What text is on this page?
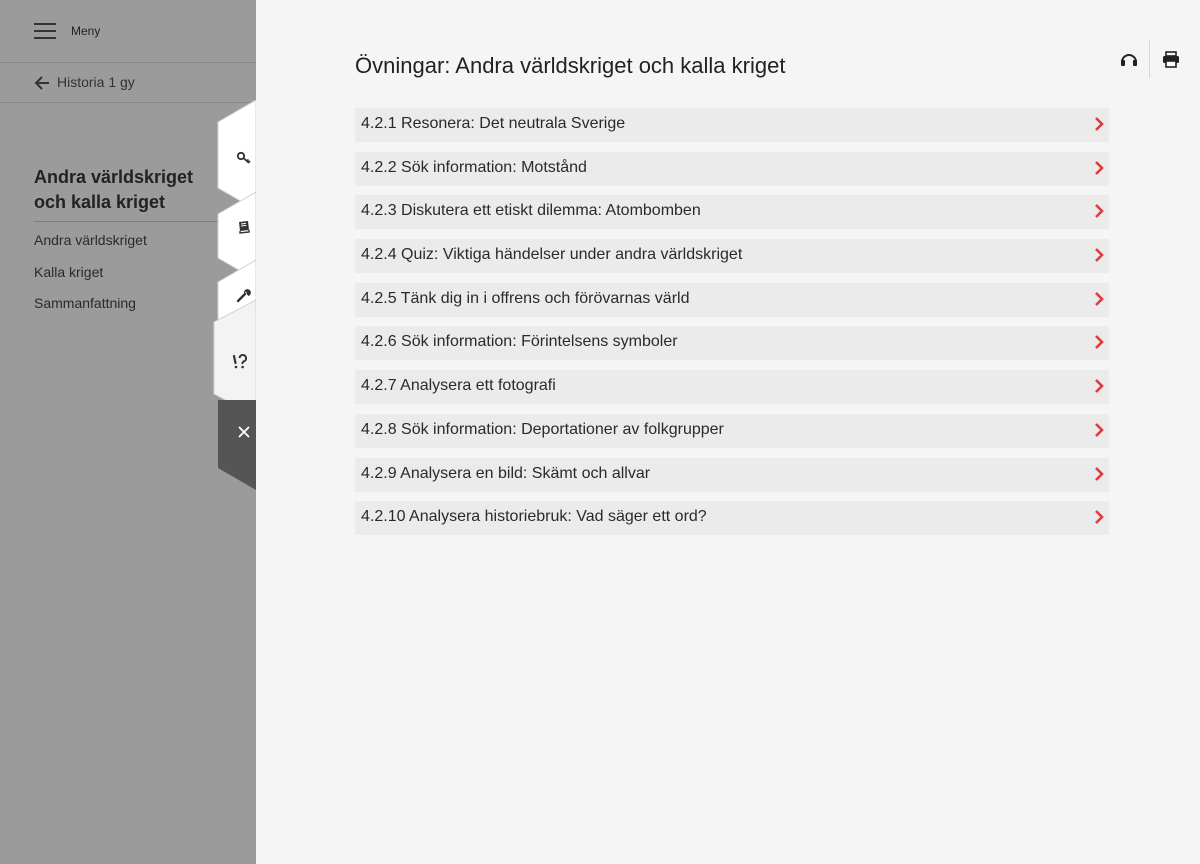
Meny
Historia 1 gy
Andra världskriget och kalla kriget
Andra världskriget
Kalla kriget
Sammanfattning
Övningar: Andra världskriget och kalla kriget
4.2.1 Resonera: Det neutrala Sverige
4.2.2 Sök information: Motstånd
4.2.3 Diskutera ett etiskt dilemma: Atombomben
4.2.4 Quiz: Viktiga händelser under andra världskriget
4.2.5 Tänk dig in i offrens och förövarnas värld
4.2.6 Sök information: Förintelsens symboler
4.2.7 Analysera ett fotografi
4.2.8 Sök information: Deportationer av folkgrupper
4.2.9 Analysera en bild: Skämt och allvar
4.2.10 Analysera historiebruk: Vad säger ett ord?
